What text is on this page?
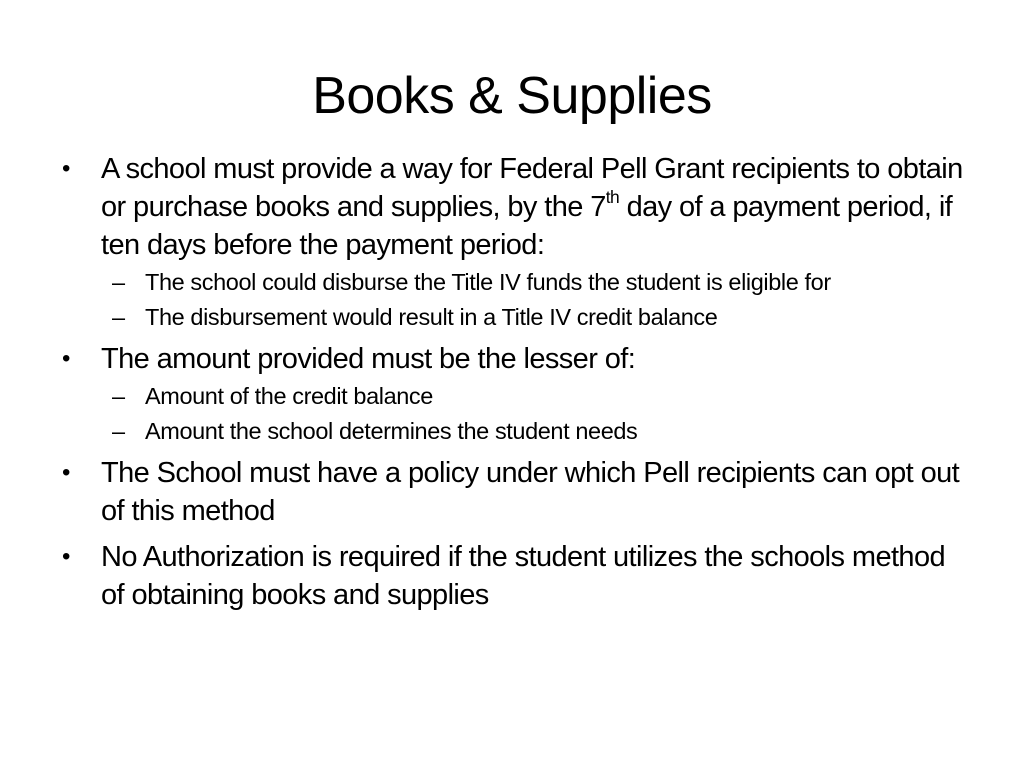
Books & Supplies
• A school must provide a way for Federal Pell Grant recipients to obtain or purchase books and supplies, by the 7th day of a payment period, if ten days before the payment period:
– The school could disburse the Title IV funds the student is eligible for
– The disbursement would result in a Title IV credit balance
• The amount provided must be the lesser of:
– Amount of the credit balance
– Amount the school determines the student needs
• The School must have a policy under which Pell recipients can opt out of this method
• No Authorization is required if the student utilizes the schools method of obtaining books and supplies
